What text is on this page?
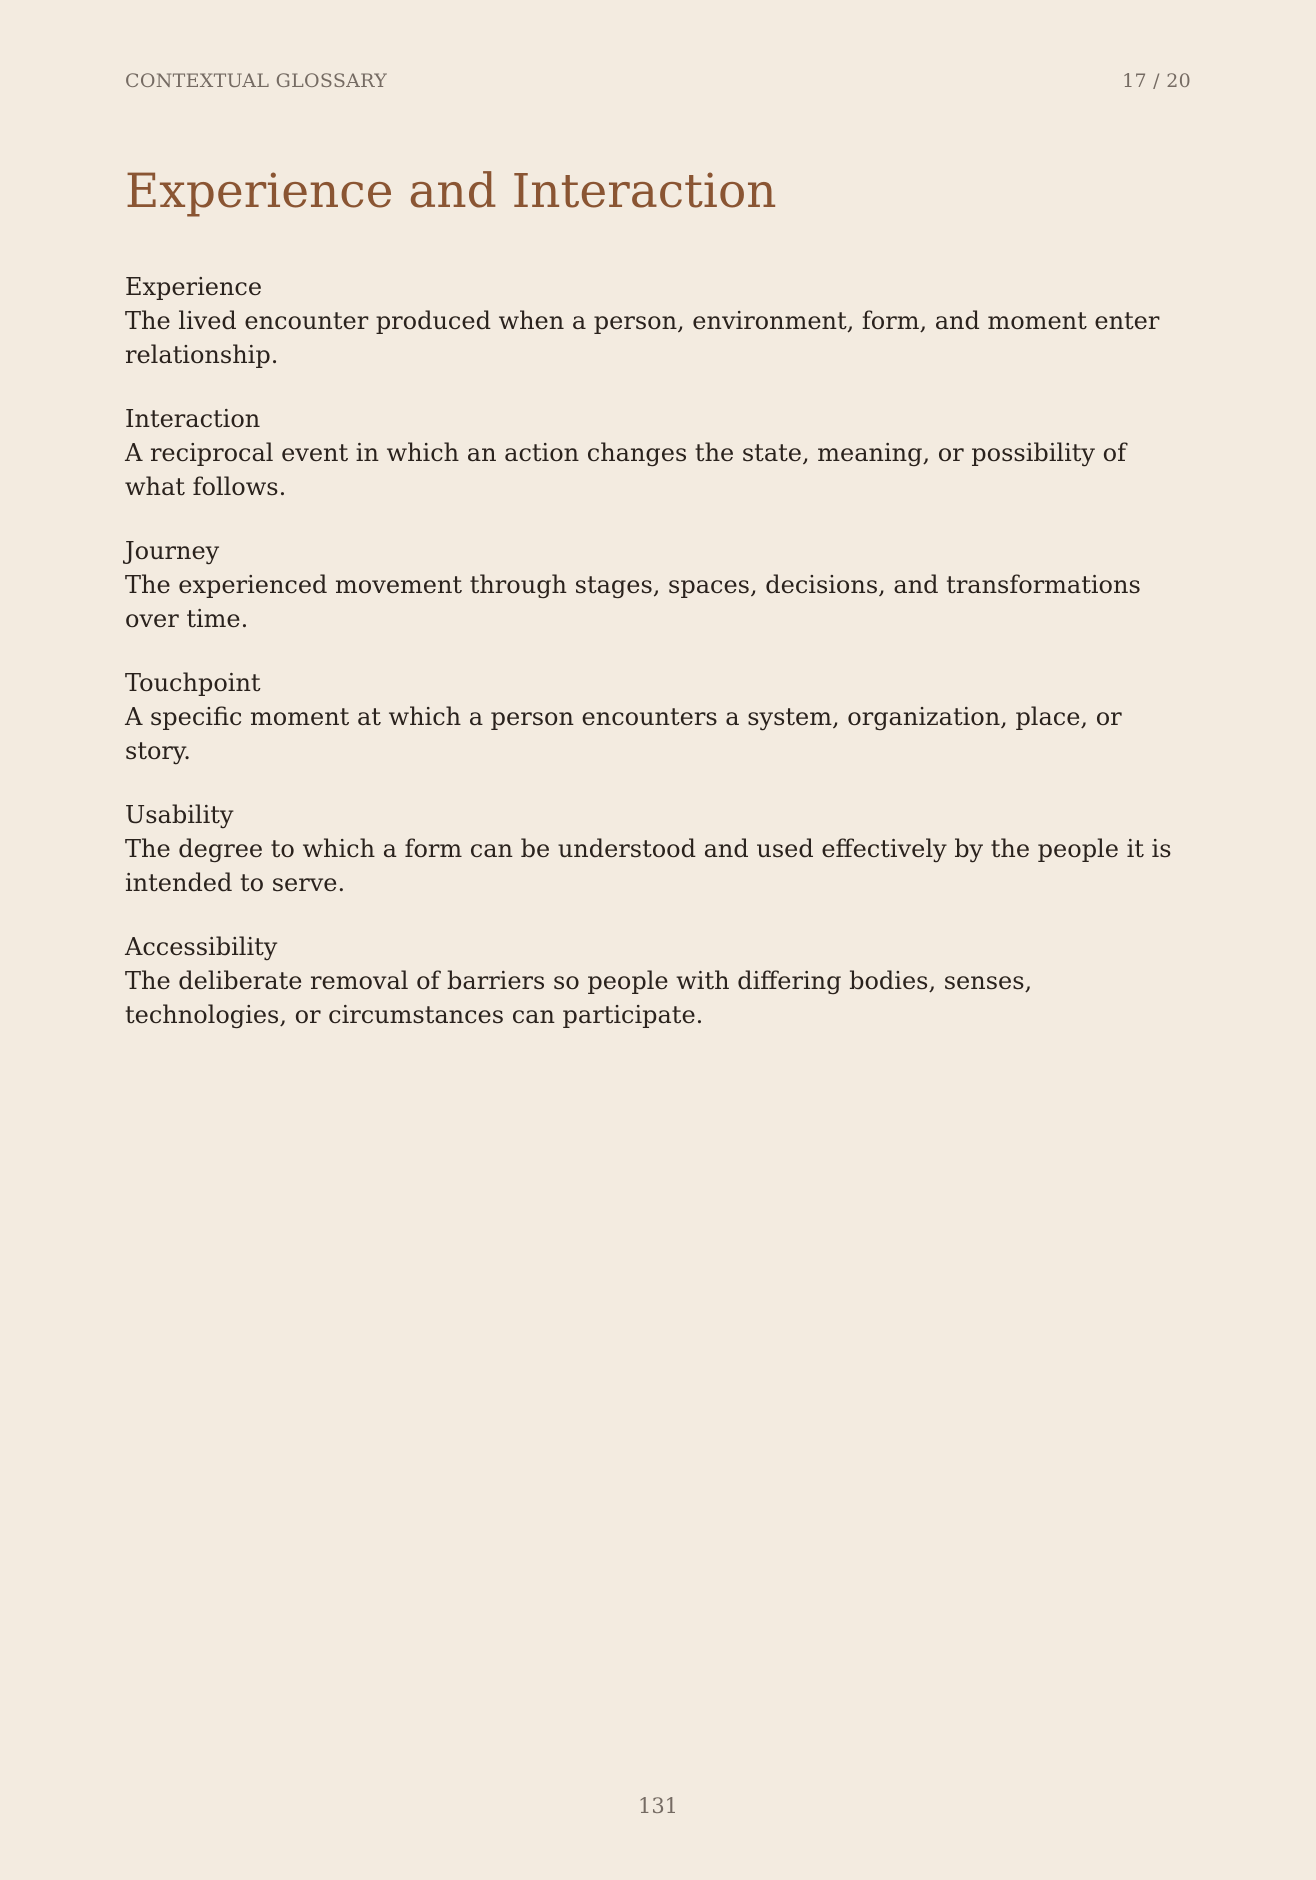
CONTEXTUAL GLOSSARY	17 / 20
Experience and Interaction
Experience

The lived encounter produced when a person, environment, form, and moment enter relationship.

Interaction

A reciprocal event in which an action changes the state, meaning, or possibility of what follows.

Journey

The experienced movement through stages, spaces, decisions, and transformations over time.

Touchpoint

A specific moment at which a person encounters a system, organization, place, or story.

Usability

The degree to which a form can be understood and used effectively by the people it is intended to serve.

Accessibility

The deliberate removal of barriers so people with differing bodies, senses, technologies, or circumstances can participate.

131
